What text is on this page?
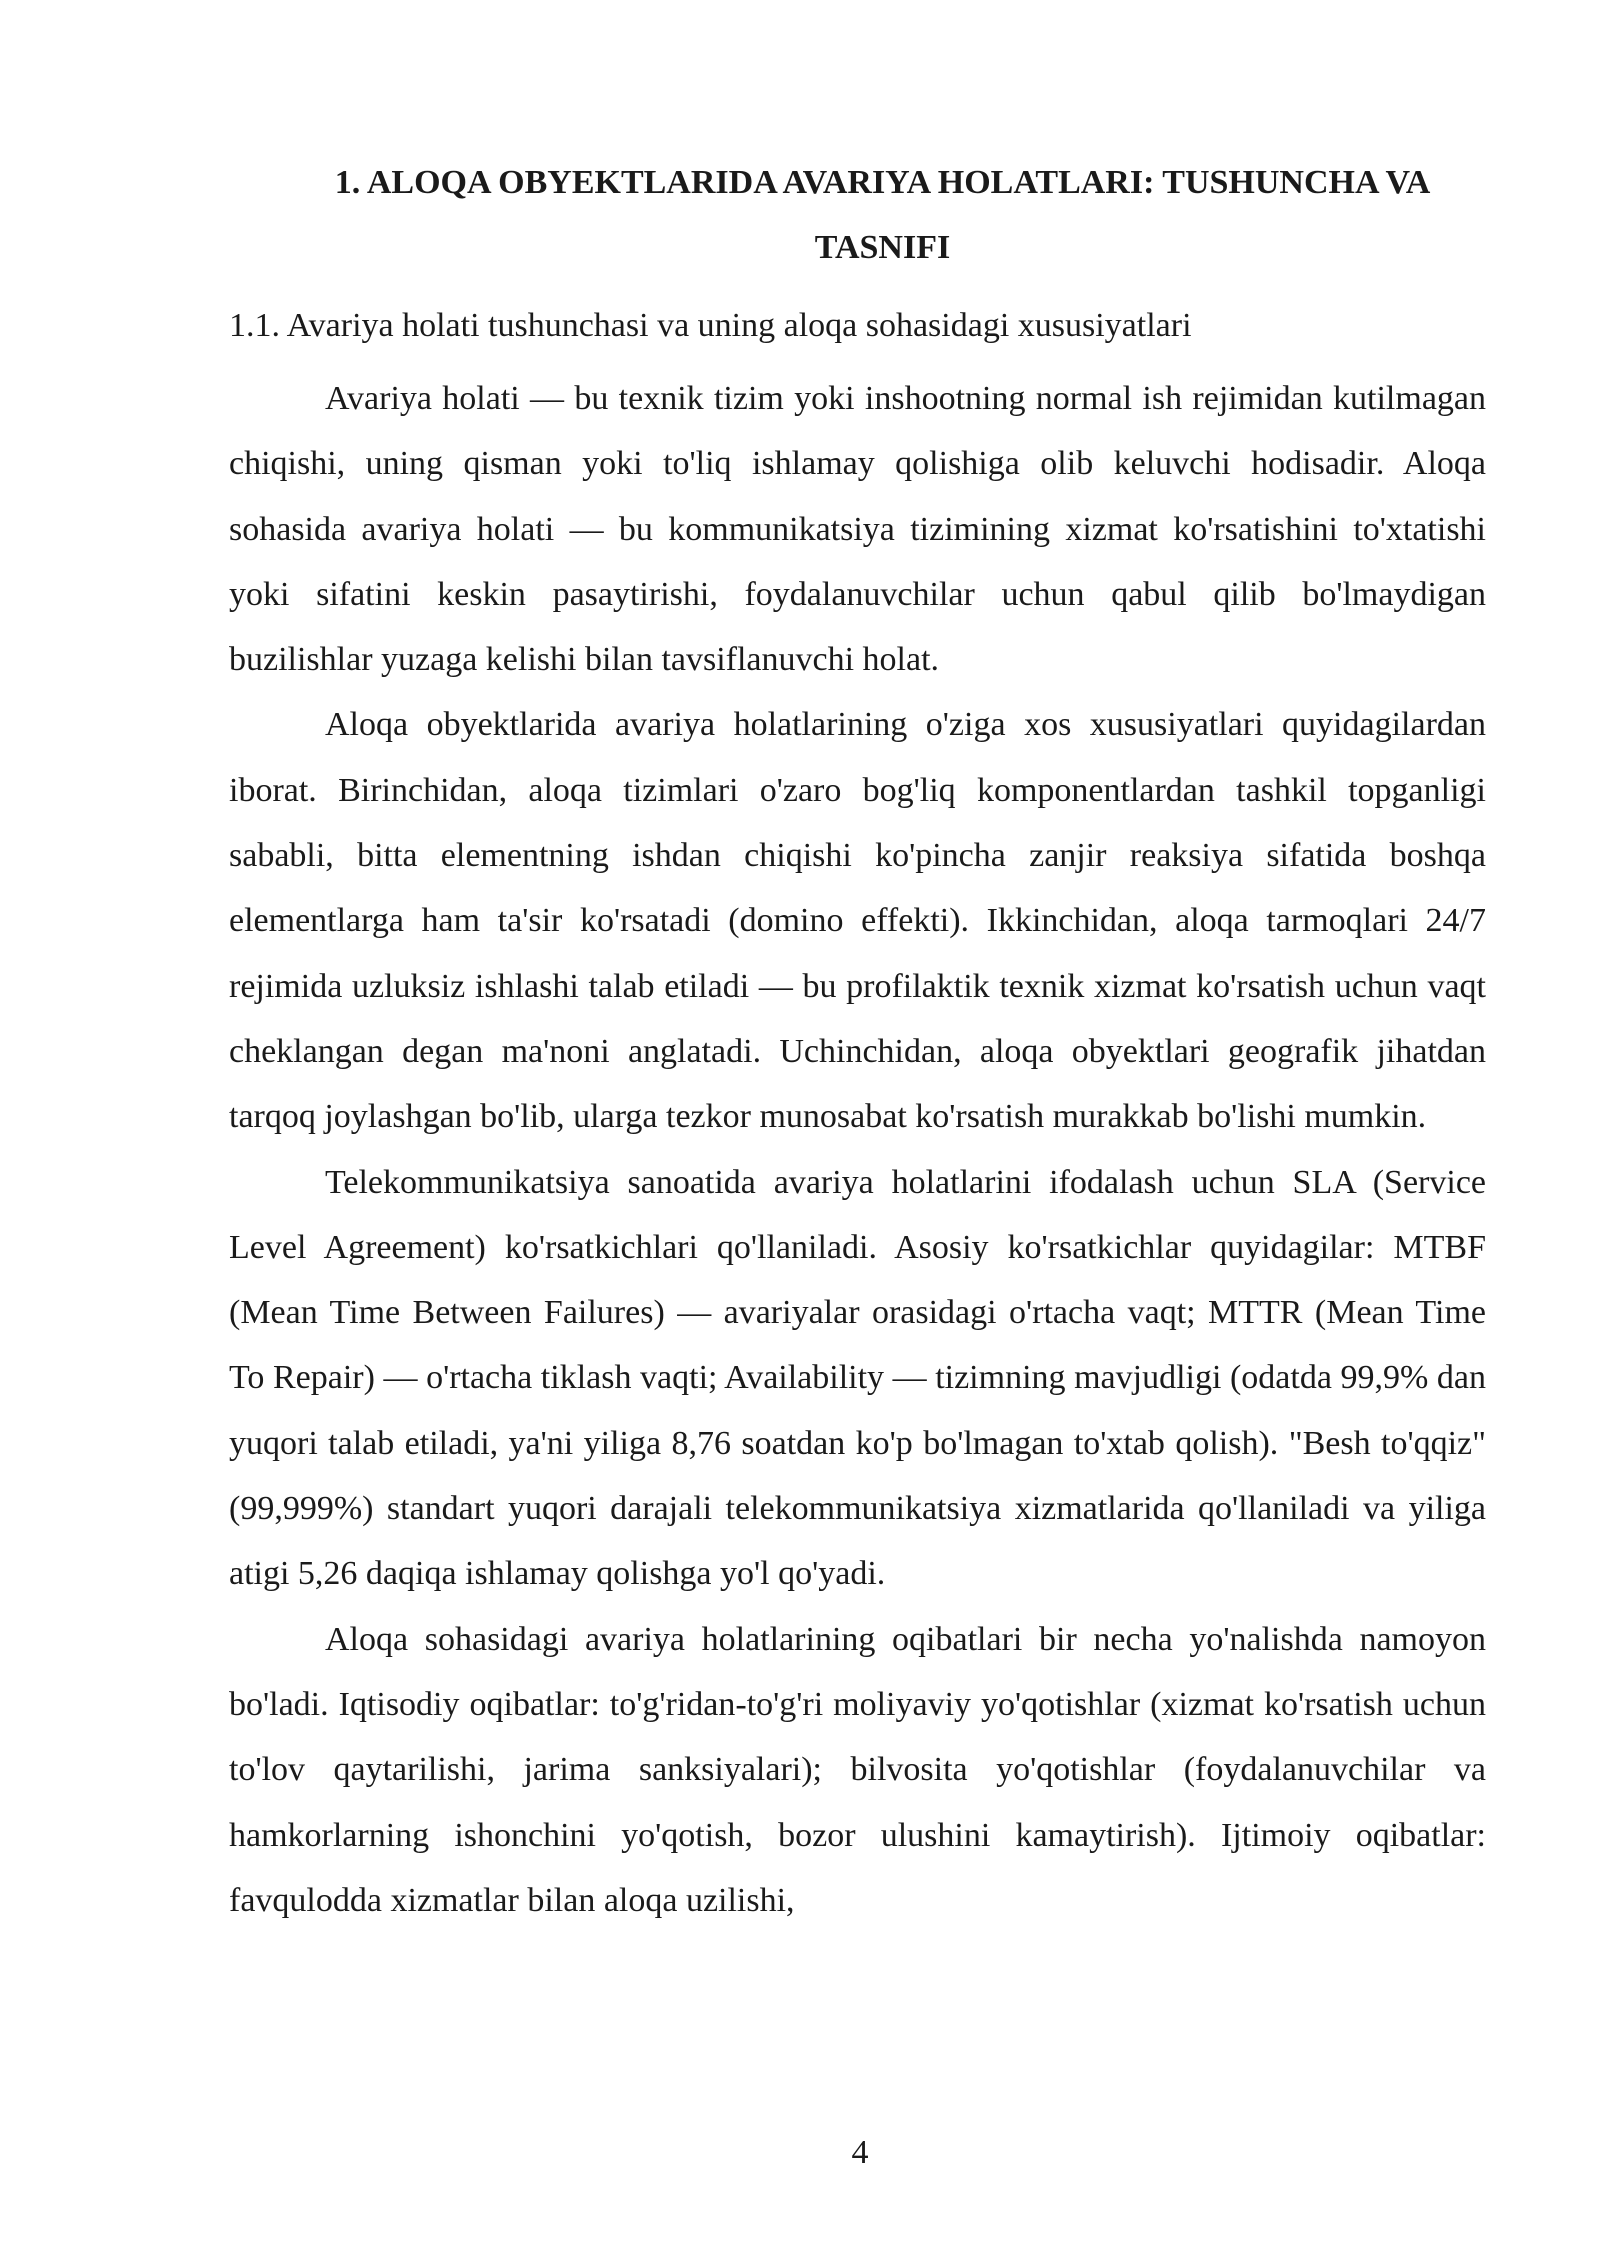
1. ALOQA OBYEKTLARIDA AVARIYA HOLATLARI: TUSHUNCHA VA TASNIFI
1.1. Avariya holati tushunchasi va uning aloqa sohasidagi xususiyatlari

Avariya holati — bu texnik tizim yoki inshootning normal ish rejimidan kutilmagan chiqishi, uning qisman yoki to'liq ishlamay qolishiga olib keluvchi hodisadir. Aloqa sohasida avariya holati — bu kommunikatsiya tizimining xizmat ko'rsatishini to'xtatishi yoki sifatini keskin pasaytirishi, foydalanuvchilar uchun qabul qilib bo'lmaydigan buzilishlar yuzaga kelishi bilan tavsiflanuvchi holat.

Aloqa obyektlarida avariya holatlarining o'ziga xos xususiyatlari quyidagilardan iborat. Birinchidan, aloqa tizimlari o'zaro bog'liq komponentlardan tashkil topganligi sababli, bitta elementning ishdan chiqishi ko'pincha zanjir reaksiya sifatida boshqa elementlarga ham ta'sir ko'rsatadi (domino effekti). Ikkinchidan, aloqa tarmoqlari 24/7 rejimida uzluksiz ishlashi talab etiladi — bu profilaktik texnik xizmat ko'rsatish uchun vaqt cheklangan degan ma'noni anglatadi. Uchinchidan, aloqa obyektlari geografik jihatdan tarqoq joylashgan bo'lib, ularga tezkor munosabat ko'rsatish murakkab bo'lishi mumkin.

Telekommunikatsiya sanoatida avariya holatlarini ifodalash uchun SLA (Service Level Agreement) ko'rsatkichlari qo'llaniladi. Asosiy ko'rsatkichlar quyidagilar: MTBF (Mean Time Between Failures) — avariyalar orasidagi o'rtacha vaqt; MTTR (Mean Time To Repair) — o'rtacha tiklash vaqti; Availability — tizimning mavjudligi (odatda 99,9% dan yuqori talab etiladi, ya'ni yiliga 8,76 soatdan ko'p bo'lmagan to'xtab qolish). "Besh to'qqiz" (99,999%) standart yuqori darajali telekommunikatsiya xizmatlarida qo'llaniladi va yiliga atigi 5,26 daqiqa ishlamay qolishga yo'l qo'yadi.

Aloqa sohasidagi avariya holatlarining oqibatlari bir necha yo'nalishda namoyon bo'ladi. Iqtisodiy oqibatlar: to'g'ridan-to'g'ri moliyaviy yo'qotishlar (xizmat ko'rsatish uchun to'lov qaytarilishi, jarima sanksiyalari); bilvosita yo'qotishlar (foydalanuvchilar va hamkorlarning ishonchini yo'qotish, bozor ulushini kamaytirish). Ijtimoiy oqibatlar: favqulodda xizmatlar bilan aloqa uzilishi,

4
